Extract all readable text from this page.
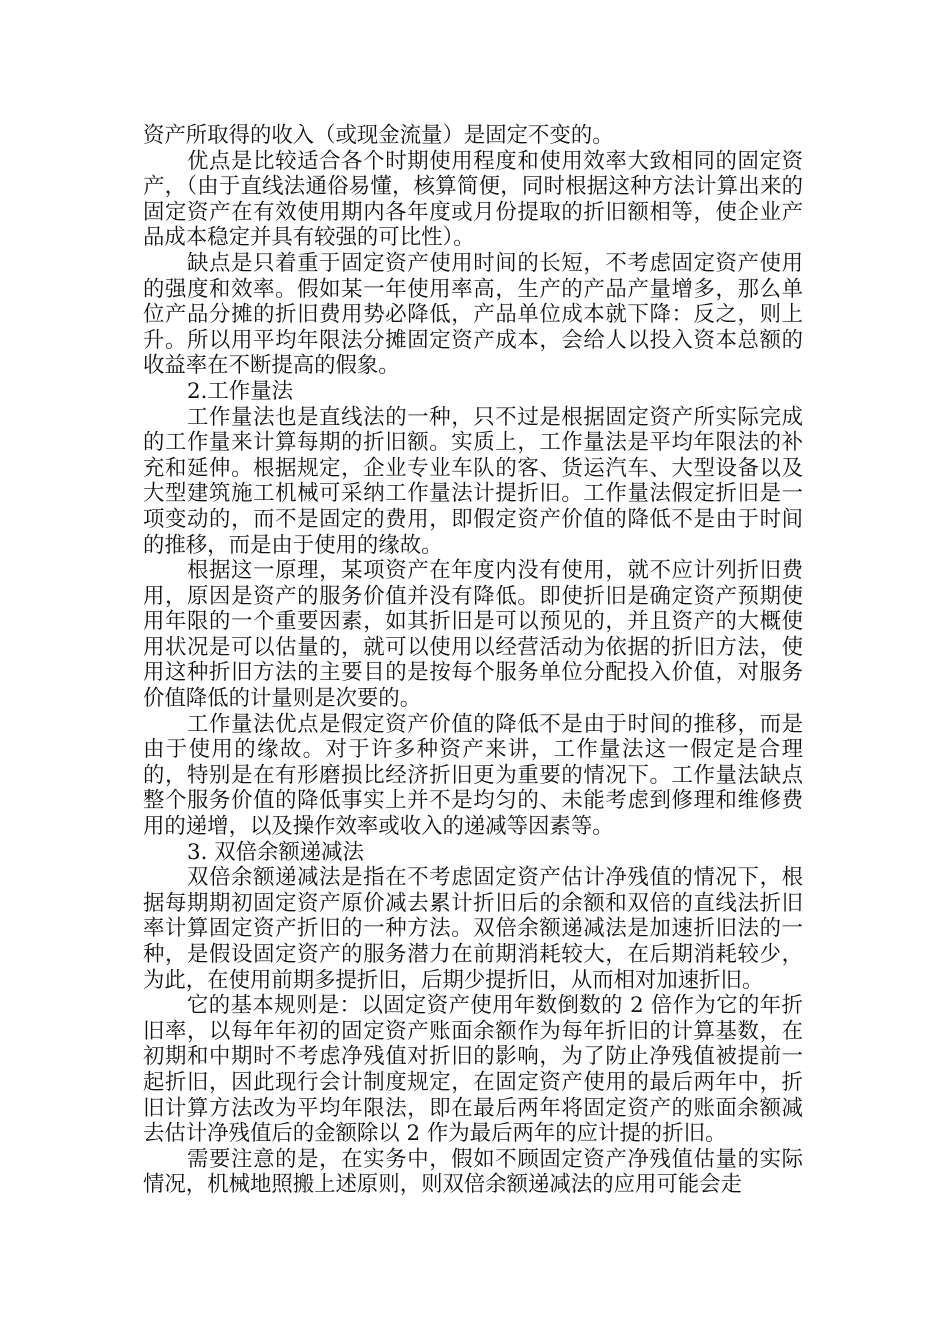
资产所取得的收入（或现金流量）是固定不变的。

优点是比较适合各个时期使用程度和使用效率大致相同的固定资产，（由于直线法通俗易懂，核算简便，同时根据这种方法计算出来的固定资产在有效使用期内各年度或月份提取的折旧额相等，使企业产品成本稳定并具有较强的可比性）。

缺点是只着重于固定资产使用时间的长短，不考虑固定资产使用的强度和效率。假如某一年使用率高，生产的产品产量增多，那么单位产品分摊的折旧费用势必降低，产品单位成本就下降：反之，则上升。所以用平均年限法分摊固定资产成本，会给人以投入资本总额的收益率在不断提高的假象。

2.工作量法

工作量法也是直线法的一种，只不过是根据固定资产所实际完成的工作量来计算每期的折旧额。实质上，工作量法是平均年限法的补充和延伸。根据规定，企业专业车队的客、货运汽车、大型设备以及大型建筑施工机械可采纳工作量法计提折旧。工作量法假定折旧是一项变动的，而不是固定的费用，即假定资产价值的降低不是由于时间的推移，而是由于使用的缘故。

根据这一原理，某项资产在年度内没有使用，就不应计列折旧费用，原因是资产的服务价值并没有降低。即使折旧是确定资产预期使用年限的一个重要因素，如其折旧是可以预见的，并且资产的大概使用状况是可以估量的，就可以使用以经营活动为依据的折旧方法，使用这种折旧方法的主要目的是按每个服务单位分配投入价值，对服务价值降低的计量则是次要的。

工作量法优点是假定资产价值的降低不是由于时间的推移，而是由于使用的缘故。对于许多种资产来讲，工作量法这一假定是合理的，特别是在有形磨损比经济折旧更为重要的情况下。工作量法缺点整个服务价值的降低事实上并不是均匀的、未能考虑到修理和维修费用的递增，以及操作效率或收入的递减等因素等。

3. 双倍余额递减法

双倍余额递减法是指在不考虑固定资产估计净残值的情况下，根据每期期初固定资产原价减去累计折旧后的余额和双倍的直线法折旧率计算固定资产折旧的一种方法。双倍余额递减法是加速折旧法的一种，是假设固定资产的服务潜力在前期消耗较大，在后期消耗较少，为此，在使用前期多提折旧，后期少提折旧，从而相对加速折旧。

它的基本规则是：以固定资产使用年数倒数的 2 倍作为它的年折旧率，以每年年初的固定资产账面余额作为每年折旧的计算基数，在初期和中期时不考虑净残值对折旧的影响，为了防止净残值被提前一起折旧，因此现行会计制度规定，在固定资产使用的最后两年中，折旧计算方法改为平均年限法，即在最后两年将固定资产的账面余额减去估计净残值后的金额除以 2 作为最后两年的应计提的折旧。

需要注意的是，在实务中，假如不顾固定资产净残值估量的实际情况，机械地照搬上述原则，则双倍余额递减法的应用可能会走
